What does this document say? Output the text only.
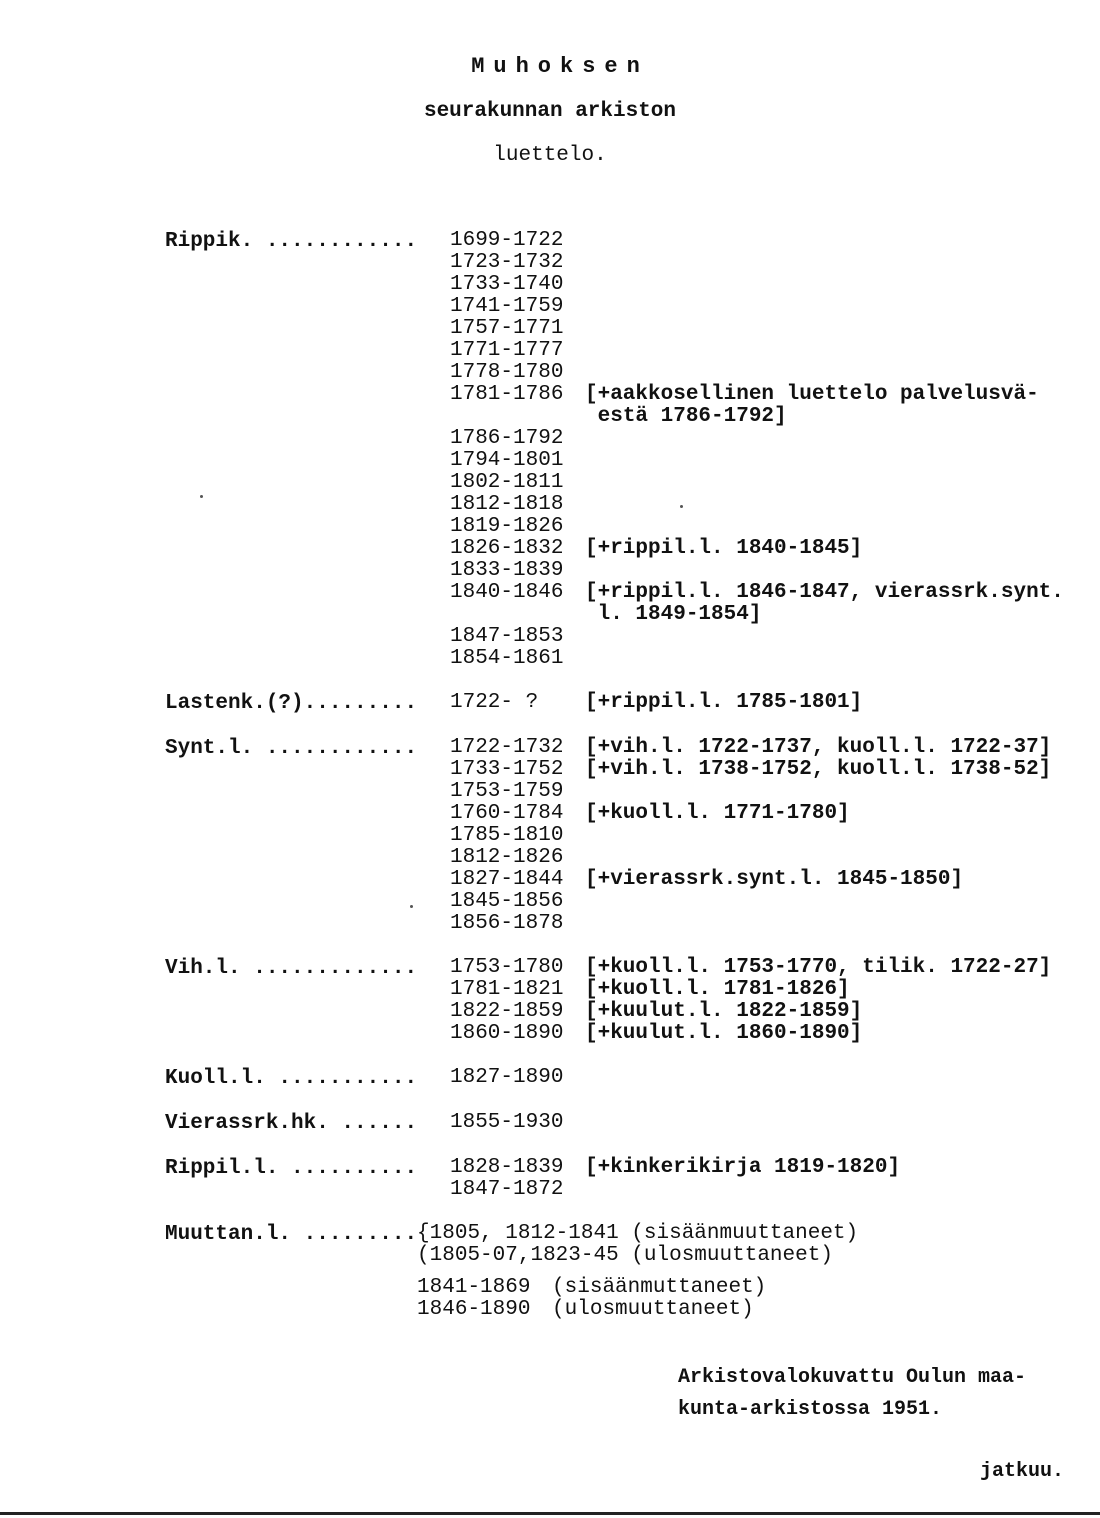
Muhoksen
seurakunnan arkiston
luettelo.
Rippik. ............	1699-1722
1723-1732
1733-1740
1741-1759
1757-1771
1771-1777
1778-1780
1781-1786	[+aakkosellinen luettelo palvelusvä-
estä 1786-1792]
1786-1792
1794-1801
1802-1811
1812-1818
1819-1826
1826-1832	[+rippil.l. 1840-1845]
1833-1839
1840-1846	[+rippil.l. 1846-1847, vierassrk.synt.
l. 1849-1854]
1847-1853
1854-1861
Lastenk.(?).........	1722- ?	[+rippil.l. 1785-1801]
Synt.l. ............	1722-1732	[+vih.l. 1722-1737, kuoll.l. 1722-37]
1733-1752	[+vih.l. 1738-1752, kuoll.l. 1738-52]
1753-1759
1760-1784	[+kuoll.l. 1771-1780]
1785-1810
1812-1826
1827-1844	[+vierassrk.synt.l. 1845-1850]
1845-1856
1856-1878
Vih.l. .............	1753-1780	[+kuoll.l. 1753-1770, tilik. 1722-27]
1781-1821	[+kuoll.l. 1781-1826]
1822-1859	[+kuulut.l. 1822-1859]
1860-1890	[+kuulut.l. 1860-1890]
Kuoll.l. ...........	1827-1890
Vierassrk.hk. ......	1855-1930
Rippil.l. ..........	1828-1839	[+kinkerikirja 1819-1820]
1847-1872
Muuttan.l. ......... {1805, 1812-1841 (sisäänmuuttaneet)
(1805-07,1823-45 (ulosmuuttaneet)
1841-1869	(sisäänmuttaneet)
1846-1890	(ulosmuuttaneet)
Arkistovalokuvattu Oulun maa-
kunta-arkistossa 1951.
jatkuu.
